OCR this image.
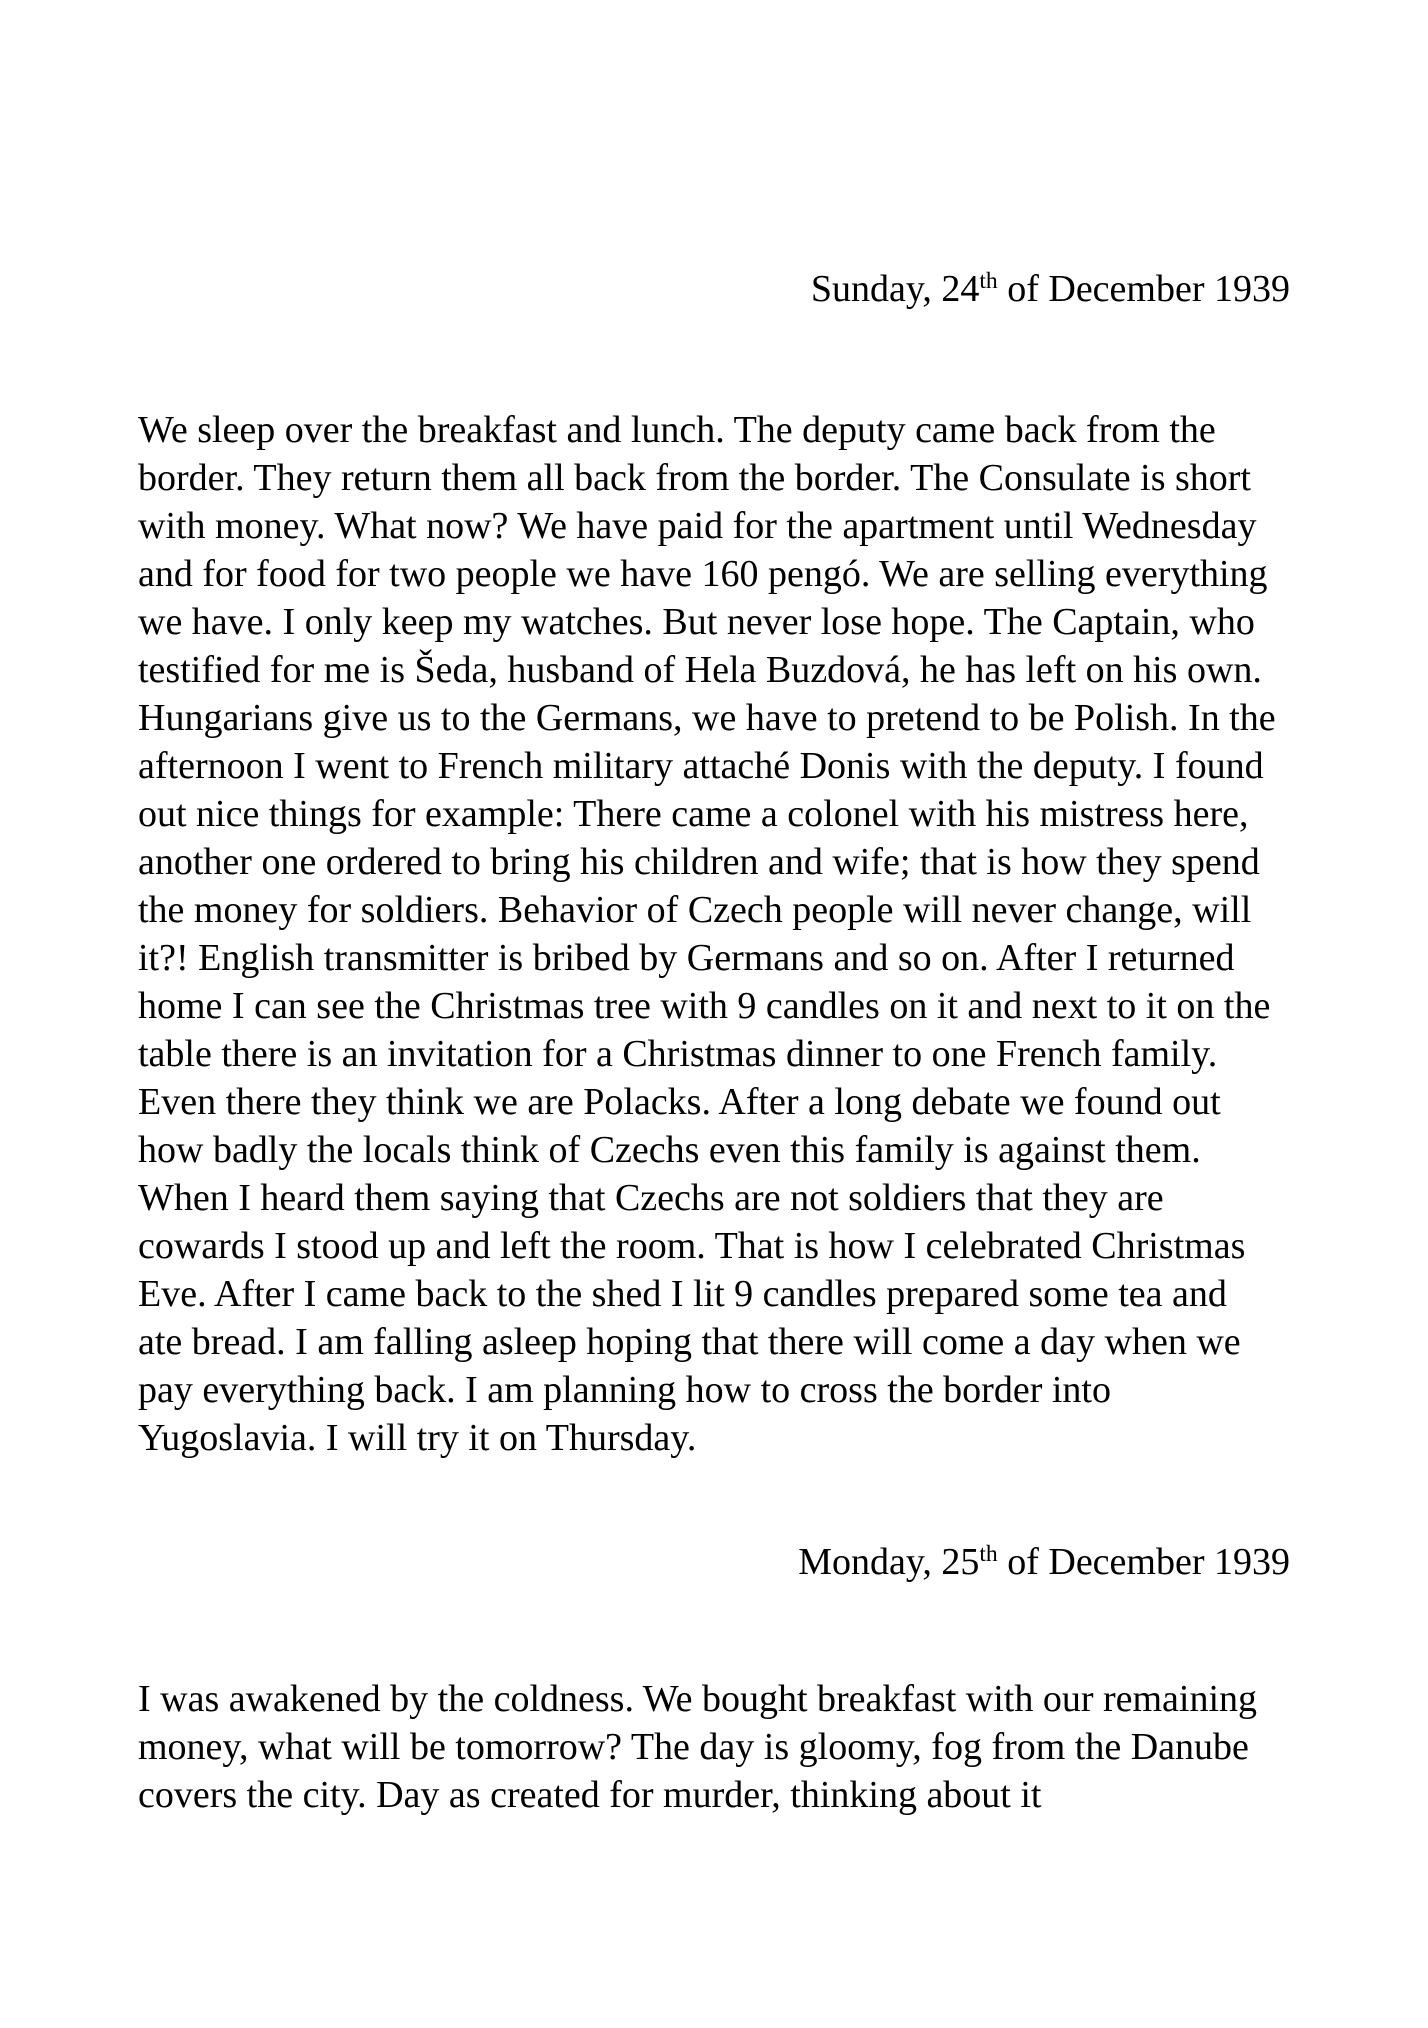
Sunday, 24th of December 1939
We sleep over the breakfast and lunch. The deputy came back from the
border. They return them all back from the border. The Consulate is short
with money. What now? We have paid for the apartment until Wednesday
and for food for two people we have 160 pengó. We are selling everything
we have. I only keep my watches. But never lose hope. The Captain, who
testified for me is Šeda, husband of Hela Buzdová, he has left on his own.
Hungarians give us to the Germans, we have to pretend to be Polish. In the
afternoon I went to French military attaché Donis with the deputy. I found
out nice things for example: There came a colonel with his mistress here,
another one ordered to bring his children and wife; that is how they spend
the money for soldiers. Behavior of Czech people will never change, will
it?! English transmitter is bribed by Germans and so on. After I returned
home I can see the Christmas tree with 9 candles on it and next to it on the
table there is an invitation for a Christmas dinner to one French family.
Even there they think we are Polacks. After a long debate we found out
how badly the locals think of Czechs even this family is against them.
When I heard them saying that Czechs are not soldiers that they are
cowards I stood up and left the room. That is how I celebrated Christmas
Eve. After I came back to the shed I lit 9 candles prepared some tea and
ate bread. I am falling asleep hoping that there will come a day when we
pay everything back. I am planning how to cross the border into
Yugoslavia. I will try it on Thursday.
Monday, 25th of December 1939
I was awakened by the coldness. We bought breakfast with our remaining
money, what will be tomorrow? The day is gloomy, fog from the Danube
covers the city. Day as created for murder, thinking about it
